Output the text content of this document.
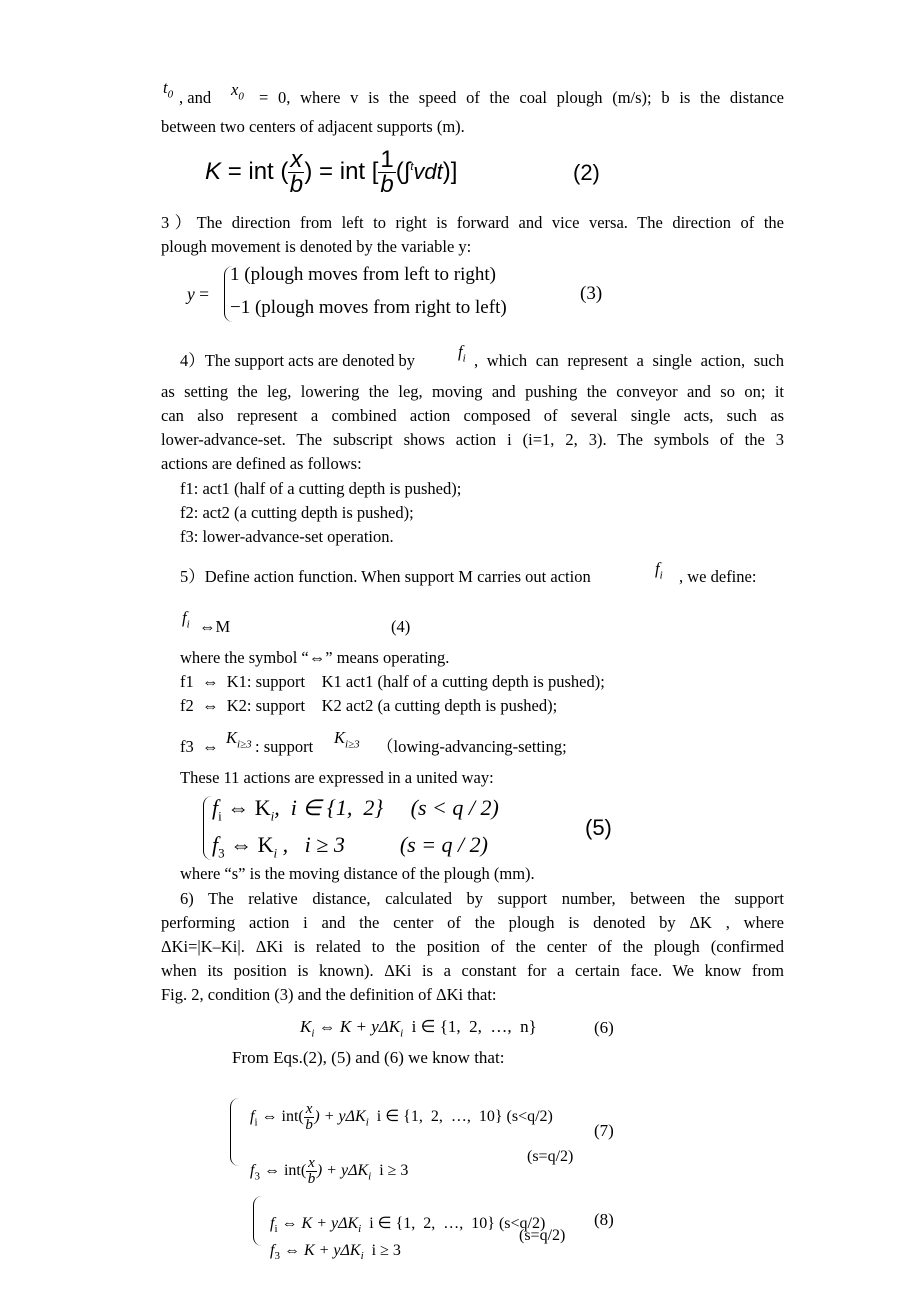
$t_0$ , and $x_0 = 0$, where v is the speed of the coal plough (m/s); b is the distance
between two centers of adjacent supports (m).
K = int ( $\frac{x}{b}$ ) = int [ $\frac{1}{b} (\int^tvdt)$]	(2)
3）The direction from left to right is forward and vice versa. The direction of the
plough movement is denoted by the variable y:
y =
1 (plough moves from left to right)
−1 (plough moves from right to left)
(3)
4）The support acts are denoted by	$f_i$ , which can represent a single action, such
as setting the leg, lowering the leg, moving and pushing the conveyor and so on; it
can also represent a combined action composed of several single acts, such as
lower-advance-set. The subscript shows action i (i=1, 2, 3). The symbols of the 3
actions are defined as follows:
f1: act1 (half of a cutting depth is pushed);
f2: act2 (a cutting depth is pushed);
f3: lower-advance-set operation.
5）Define action function. When support M carries out action	$f_i$ , we define:
$f_i$ ⇔M	(4)
where the symbol “⇔” means operating.
f1  ⇔  K1: support    K1 act1 (half of a cutting depth is pushed);
f2  ⇔  K2: support    K2 act2 (a cutting depth is pushed);
f3  ⇔ $K_{i\ge 3}$ : support $K_{i\ge 3}$ （lowing-advancing-setting;
These 11 actions are expressed in a united way:
$f_i$ ⇔ $K_i$,  i ∈ {1,  2}     (s < q / 2)
$f_3$ ⇔ $K_i$ ,   i ≥ 3          (s = q / 2)
(5)
where “s” is the moving distance of the plough (mm).
6) The relative distance, calculated by support number, between the support
performing action i and the center of the plough is denoted by ΔK , where
ΔKi=|K–Ki|. ΔKi is related to the position of the center of the plough (confirmed
when its position is known). ΔKi is a constant for a certain face. We know from
Fig. 2, condition (3) and the definition of ΔKi that:
$K_i$ ⇔ K + yΔK$_i$  i ∈ {1,  2,  …,  n}	(6)
From Eqs.(2), (5) and (6) we know that:

$f_i$ ⇔ $int( \frac{x}{b}$ ) + yΔK$_i$  i ∈ {1,  2,  …,  10} (s<q/2)

$f_3$ ⇔ $int( \frac{x}{b}$ ) + yΔK$_i$  i ≥ 3

(s=q/2)
(7)

$f_i$ ⇔ K + yΔK$_i$  i ∈ {1,  2,  …,  10} (s<q/2)

$f_3$ ⇔ K + yΔK$_i$  i ≥ 3

(s=q/2)
(8)
